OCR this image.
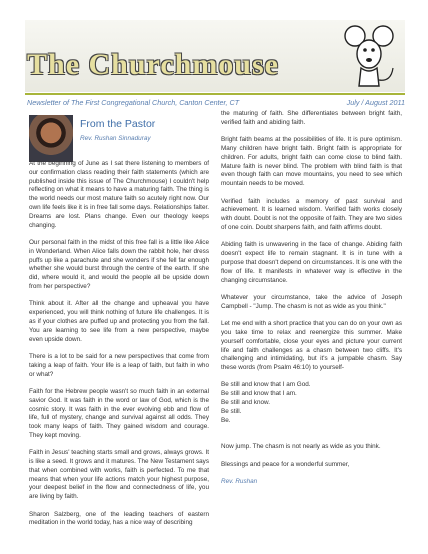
The Churchmouse
Newsletter of The First Congregational Church, Canton Center, CT	July / August 2011
From the Pastor
Rev. Rushan Sinnaduray

At the beginning of June as I sat there listening to members of our confirmation class reading their faith statements (which are published inside this issue of The Churchmouse) I couldn't help reflecting on what it means to have a maturing faith. The thing is the world needs our most mature faith so acutely right now. Our own life feels like it is in free fall some days. Relationships falter. Dreams are lost. Plans change. Even our theology keeps changing.

Our personal faith in the midst of this free fall is a little like Alice in Wonderland. When Alice falls down the rabbit hole, her dress puffs up like a parachute and she wonders if she fell far enough whether she would burst through the centre of the earth. If she did, where would it, and would the people all be upside down from her perspective?

Think about it. After all the change and upheaval you have experienced, you will think nothing of future life challenges. It is as if your clothes are puffed up and protecting you from the fall. You are learning to see life from a new perspective, maybe even upside down.

There is a lot to be said for a new perspectives that come from taking a leap of faith. Your life is a leap of faith, but faith in who or what?

Faith for the Hebrew people wasn't so much faith in an external savior God. It was faith in the word or law of God, which is the cosmic story. It was faith in the ever evolving ebb and flow of life, full of mystery, change and survival against all odds. They took many leaps of faith. They gained wisdom and courage. They kept moving.

Faith in Jesus' teaching starts small and grows, always grows. It is like a seed. It grows and it matures. The New Testament says that when combined with works, faith is perfected. To me that means that when your life actions match your highest purpose, your deepest belief in the flow and connectedness of life, you are living by faith.

Sharon Salzberg, one of the leading teachers of eastern meditation in the world today, has a nice way of describing

the maturing of faith. She differentiates between bright faith, verified faith and abiding faith.

Bright faith beams at the possibilities of life. It is pure optimism. Many children have bright faith. Bright faith is appropriate for children. For adults, bright faith can come close to blind faith. Mature faith is never blind. The problem with blind faith is that even though faith can move mountains, you need to see which mountain needs to be moved.

Verified faith includes a memory of past survival and achievement. It is learned wisdom. Verified faith works closely with doubt. Doubt is not the opposite of faith. They are two sides of one coin. Doubt sharpens faith, and faith affirms doubt.

Abiding faith is unwavering in the face of change. Abiding faith doesn't expect life to remain stagnant. It is in tune with a purpose that doesn't depend on circumstances. It is one with the flow of life. It manifests in whatever way is effective in the changing circumstance.

Whatever your circumstance, take the advice of Joseph Campbell - "Jump. The chasm is not as wide as you think."

Let me end with a short practice that you can do on your own as you take time to relax and reenergize this summer. Make yourself comfortable, close your eyes and picture your current life and faith challenges as a chasm between two cliffs. It's challenging and intimidating, but it's a jumpable chasm. Say these words (from Psalm 46:10) to yourself-

Be still and know that I am God.

Be still and know that I am.

Be still and know.

Be still.

Be.

Now jump. The chasm is not nearly as wide as you think.

Blessings and peace for a wonderful summer,

Rev. Rushan
